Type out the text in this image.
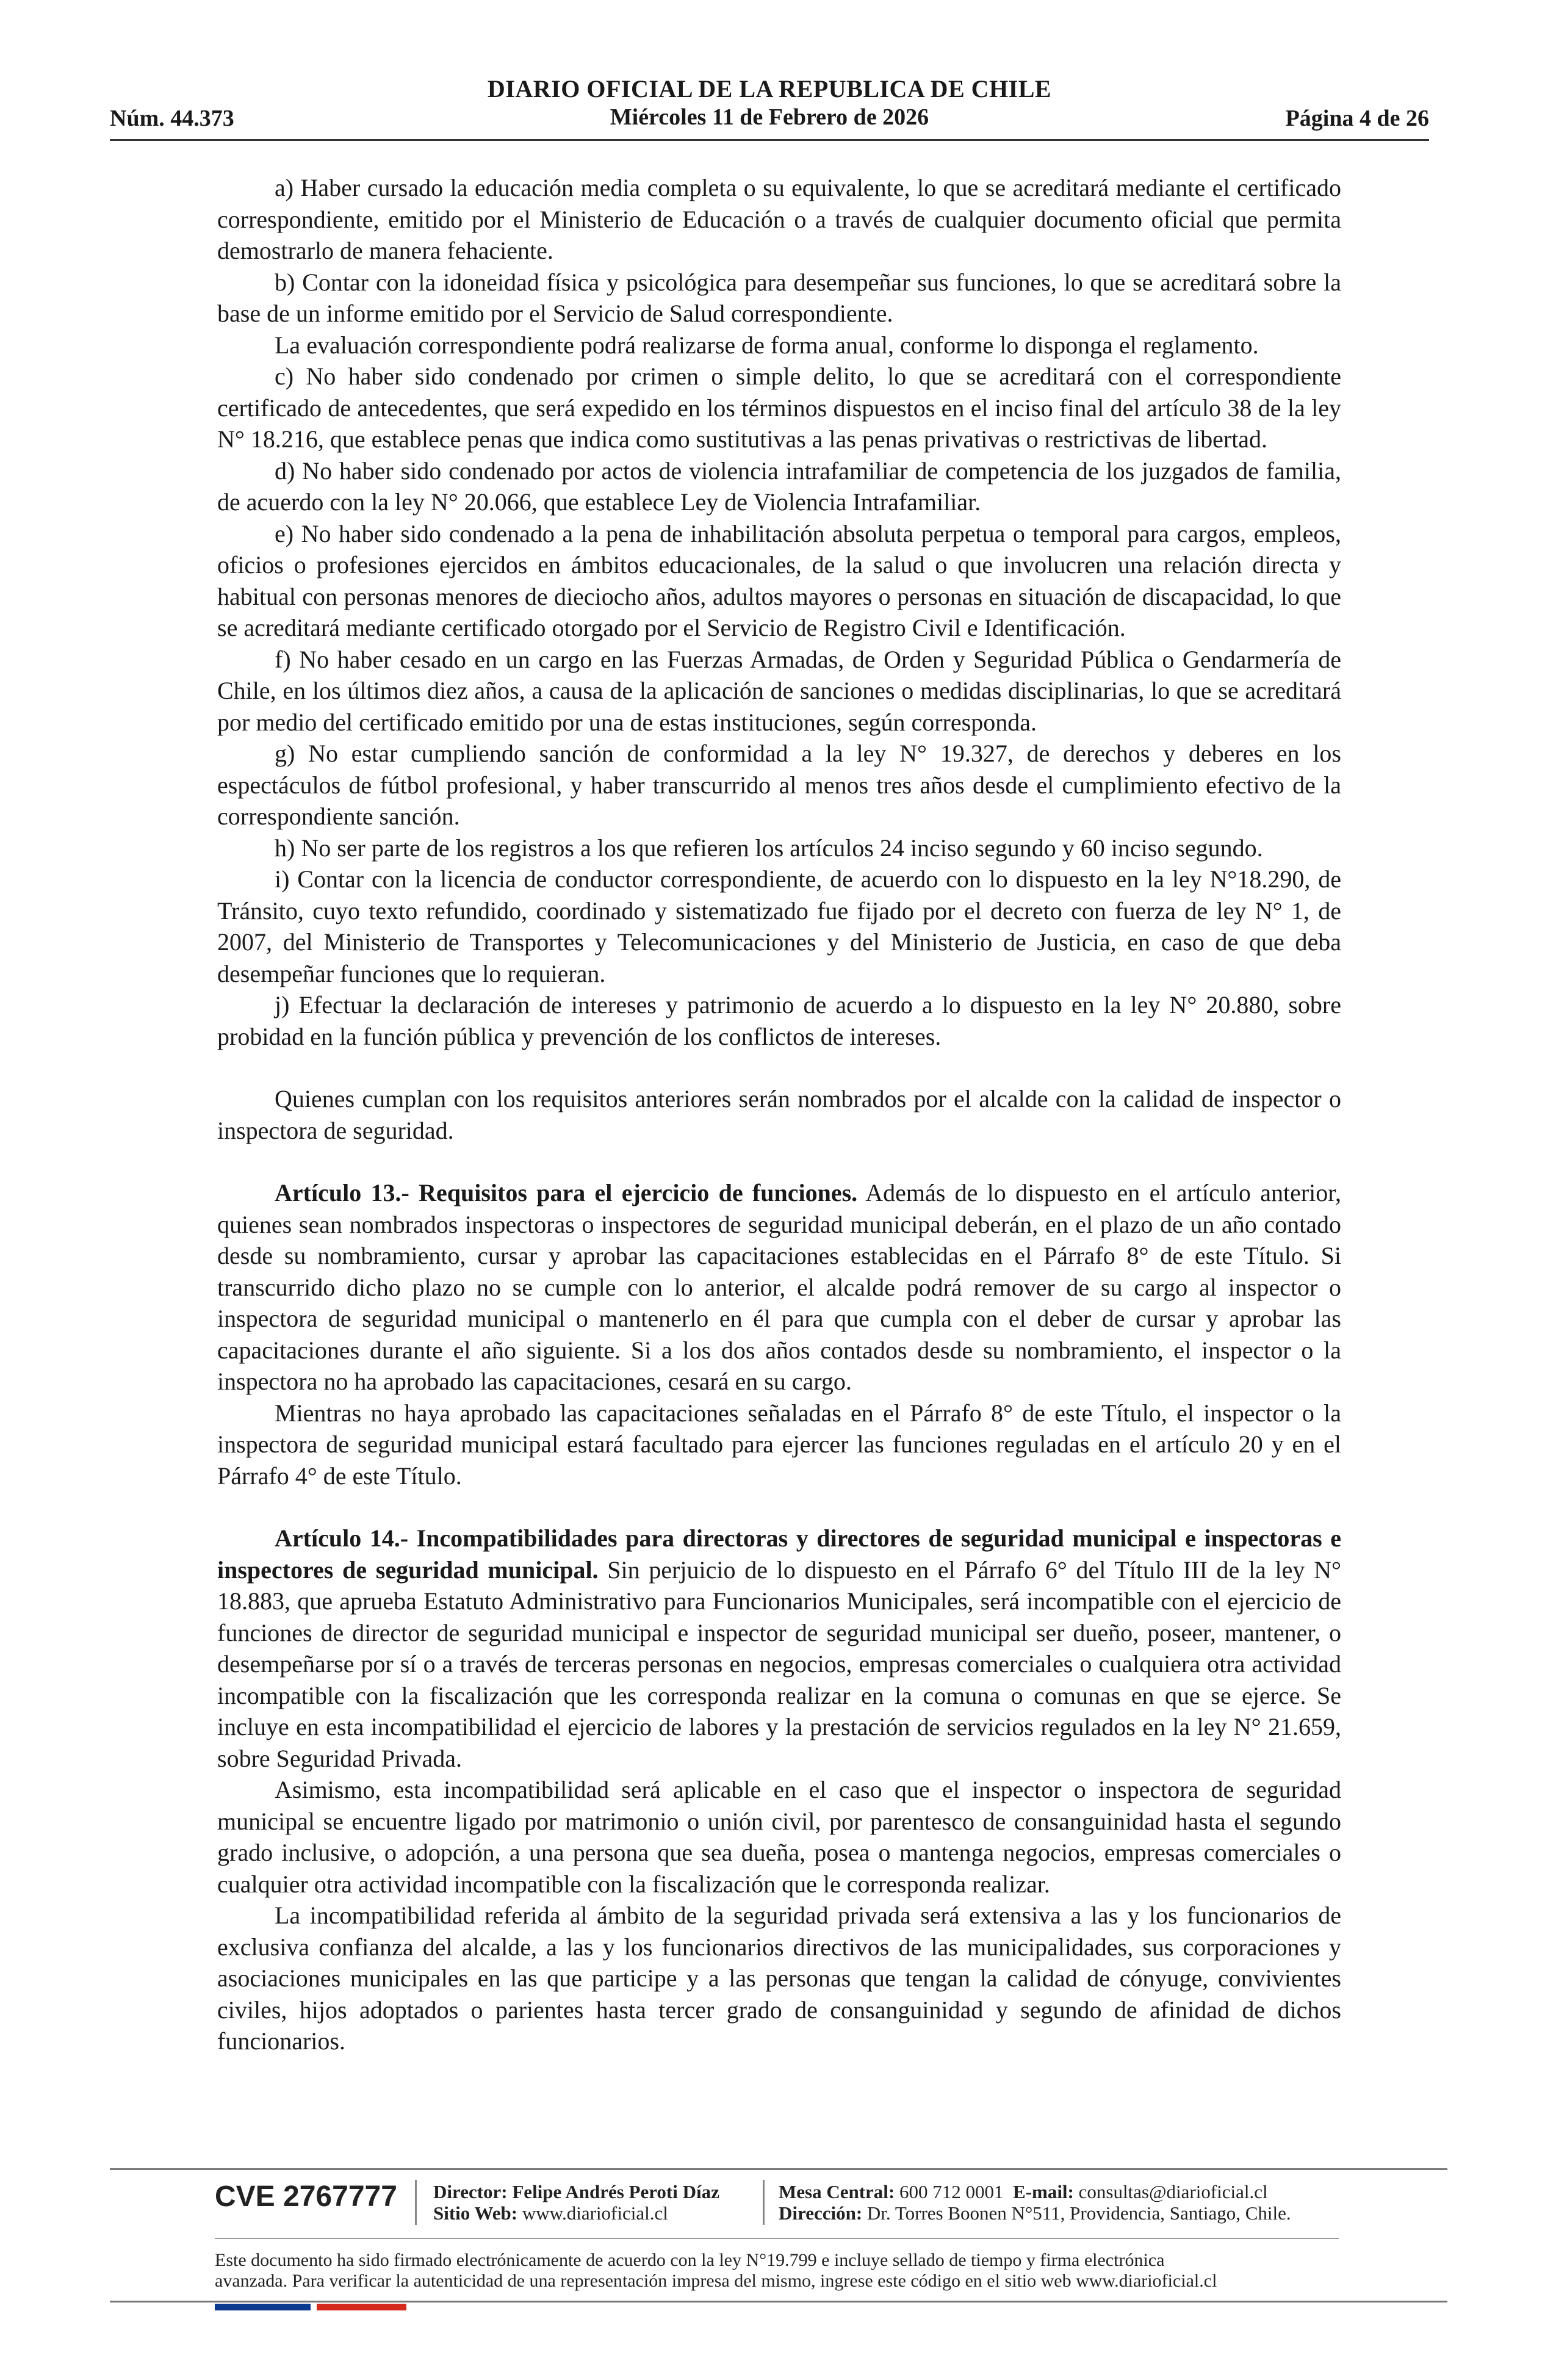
DIARIO OFICIAL DE LA REPUBLICA DE CHILE
Núm. 44.373	Miércoles 11 de Febrero de 2026	Página 4 de 26

a) Haber cursado la educación media completa o su equivalente, lo que se acreditará mediante el certificado correspondiente, emitido por el Ministerio de Educación o a través de cualquier documento oficial que permita demostrarlo de manera fehaciente.

b) Contar con la idoneidad física y psicológica para desempeñar sus funciones, lo que se acreditará sobre la base de un informe emitido por el Servicio de Salud correspondiente.

La evaluación correspondiente podrá realizarse de forma anual, conforme lo disponga el reglamento.

c) No haber sido condenado por crimen o simple delito, lo que se acreditará con el correspondiente certificado de antecedentes, que será expedido en los términos dispuestos en el inciso final del artículo 38 de la ley N° 18.216, que establece penas que indica como sustitutivas a las penas privativas o restrictivas de libertad.

d) No haber sido condenado por actos de violencia intrafamiliar de competencia de los juzgados de familia, de acuerdo con la ley N° 20.066, que establece Ley de Violencia Intrafamiliar.

e) No haber sido condenado a la pena de inhabilitación absoluta perpetua o temporal para cargos, empleos, oficios o profesiones ejercidos en ámbitos educacionales, de la salud o que involucren una relación directa y habitual con personas menores de dieciocho años, adultos mayores o personas en situación de discapacidad, lo que se acreditará mediante certificado otorgado por el Servicio de Registro Civil e Identificación.

f) No haber cesado en un cargo en las Fuerzas Armadas, de Orden y Seguridad Pública o Gendarmería de Chile, en los últimos diez años, a causa de la aplicación de sanciones o medidas disciplinarias, lo que se acreditará por medio del certificado emitido por una de estas instituciones, según corresponda.

g) No estar cumpliendo sanción de conformidad a la ley N° 19.327, de derechos y deberes en los espectáculos de fútbol profesional, y haber transcurrido al menos tres años desde el cumplimiento efectivo de la correspondiente sanción.

h) No ser parte de los registros a los que refieren los artículos 24 inciso segundo y 60 inciso segundo.

i) Contar con la licencia de conductor correspondiente, de acuerdo con lo dispuesto en la ley N°18.290, de Tránsito, cuyo texto refundido, coordinado y sistematizado fue fijado por el decreto con fuerza de ley N° 1, de 2007, del Ministerio de Transportes y Telecomunicaciones y del Ministerio de Justicia, en caso de que deba desempeñar funciones que lo requieran.

j) Efectuar la declaración de intereses y patrimonio de acuerdo a lo dispuesto en la ley N° 20.880, sobre probidad en la función pública y prevención de los conflictos de intereses.

Quienes cumplan con los requisitos anteriores serán nombrados por el alcalde con la calidad de inspector o inspectora de seguridad.

Artículo 13.- Requisitos para el ejercicio de funciones. Además de lo dispuesto en el artículo anterior, quienes sean nombrados inspectoras o inspectores de seguridad municipal deberán, en el plazo de un año contado desde su nombramiento, cursar y aprobar las capacitaciones establecidas en el Párrafo 8° de este Título. Si transcurrido dicho plazo no se cumple con lo anterior, el alcalde podrá remover de su cargo al inspector o inspectora de seguridad municipal o mantenerlo en él para que cumpla con el deber de cursar y aprobar las capacitaciones durante el año siguiente. Si a los dos años contados desde su nombramiento, el inspector o la inspectora no ha aprobado las capacitaciones, cesará en su cargo.

Mientras no haya aprobado las capacitaciones señaladas en el Párrafo 8° de este Título, el inspector o la inspectora de seguridad municipal estará facultado para ejercer las funciones reguladas en el artículo 20 y en el Párrafo 4° de este Título.

Artículo 14.- Incompatibilidades para directoras y directores de seguridad municipal e inspectoras e inspectores de seguridad municipal. Sin perjuicio de lo dispuesto en el Párrafo 6° del Título III de la ley N° 18.883, que aprueba Estatuto Administrativo para Funcionarios Municipales, será incompatible con el ejercicio de funciones de director de seguridad municipal e inspector de seguridad municipal ser dueño, poseer, mantener, o desempeñarse por sí o a través de terceras personas en negocios, empresas comerciales o cualquiera otra actividad incompatible con la fiscalización que les corresponda realizar en la comuna o comunas en que se ejerce. Se incluye en esta incompatibilidad el ejercicio de labores y la prestación de servicios regulados en la ley N° 21.659, sobre Seguridad Privada.

Asimismo, esta incompatibilidad será aplicable en el caso que el inspector o inspectora de seguridad municipal se encuentre ligado por matrimonio o unión civil, por parentesco de consanguinidad hasta el segundo grado inclusive, o adopción, a una persona que sea dueña, posea o mantenga negocios, empresas comerciales o cualquier otra actividad incompatible con la fiscalización que le corresponda realizar.

La incompatibilidad referida al ámbito de la seguridad privada será extensiva a las y los funcionarios de exclusiva confianza del alcalde, a las y los funcionarios directivos de las municipalidades, sus corporaciones y asociaciones municipales en las que participe y a las personas que tengan la calidad de cónyuge, convivientes civiles, hijos adoptados o parientes hasta tercer grado de consanguinidad y segundo de afinidad de dichos funcionarios.

CVE 2767777 Director: Felipe Andrés Peroti Díaz
Sitio Web: www.diarioficial.cl
Mesa Central: 600 712 0001 E-mail: consultas@diarioficial.cl
Dirección: Dr. Torres Boonen N°511, Providencia, Santiago, Chile.
Este documento ha sido firmado electrónicamente de acuerdo con la ley N°19.799 e incluye sellado de tiempo y firma electrónica
avanzada. Para verificar la autenticidad de una representación impresa del mismo, ingrese este código en el sitio web www.diarioficial.cl
